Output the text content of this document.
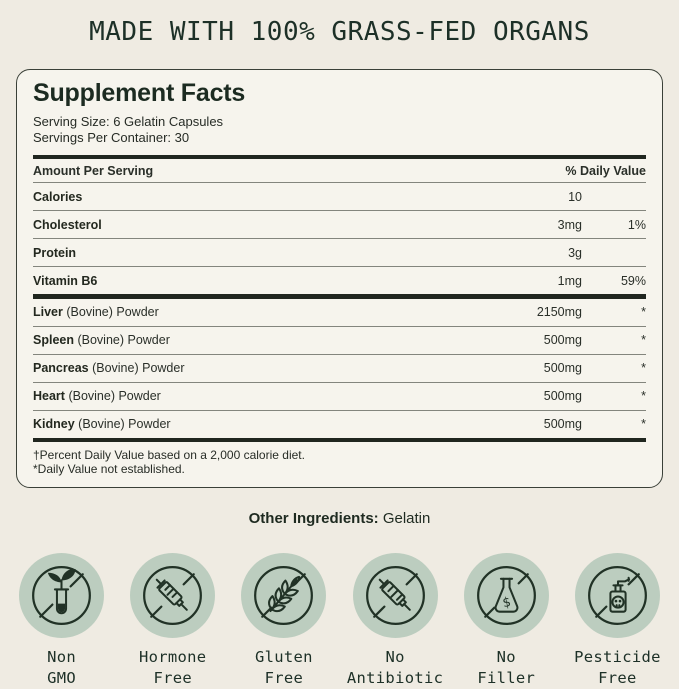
MADE WITH 100% GRASS-FED ORGANS
Supplement Facts
Serving Size: 6 Gelatin Capsules
Servings Per Container: 30
Amount Per Serving	% Daily Value
Calories	10
Cholesterol	3mg	1%
Protein	3g
Vitamin B6	1mg	59%
Liver (Bovine) Powder	2150mg	*
Spleen (Bovine) Powder	500mg	*
Pancreas (Bovine) Powder	500mg	*
Heart (Bovine) Powder	500mg	*
Kidney (Bovine) Powder	500mg	*
†Percent Daily Value based on a 2,000 calorie diet.
*Daily Value not established.
Other Ingredients: Gelatin
Non
GMO
Hormone
Free
Gluten
Free
No
Antibiotic
$
No
Filler
Pesticide
Free
